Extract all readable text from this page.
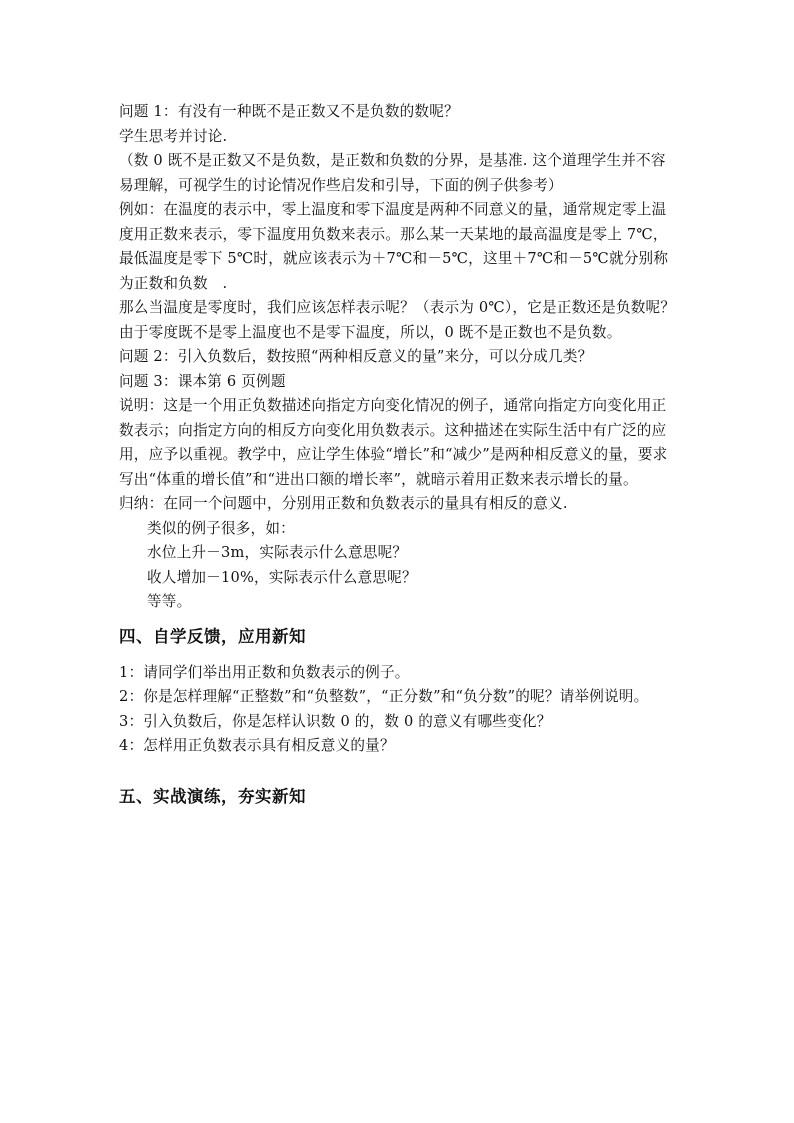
问题 1：有没有一种既不是正数又不是负数的数呢？

学生思考并讨论.

（数 0 既不是正数又不是负数，是正数和负数的分界，是基准. 这个道理学生并不容易理解，可视学生的讨论情况作些启发和引导，下面的例子供参考）

例如：在温度的表示中，零上温度和零下温度是两种不同意义的量，通常规定零上温度用正数来表示，零下温度用负数来表示。那么某一天某地的最高温度是零上 7℃，最低温度是零下 5℃时，就应该表示为＋7℃和－5℃，这里＋7℃和－5℃就分别称为正数和负数　.

那么当温度是零度时，我们应该怎样表示呢？（表示为 0℃），它是正数还是负数呢？由于零度既不是零上温度也不是零下温度，所以，0 既不是正数也不是负数。

问题 2：引入负数后，数按照“两种相反意义的量”来分，可以分成几类？

问题 3：课本第 6 页例题

说明：这是一个用正负数描述向指定方向变化情况的例子，通常向指定方向变化用正数表示；向指定方向的相反方向变化用负数表示。这种描述在实际生活中有广泛的应用，应予以重视。教学中，应让学生体验“增长”和“减少”是两种相反意义的量，要求写出“体重的增长值”和“进出口额的增长率”，就暗示着用正数来表示增长的量。

归纳：在同一个问题中，分别用正数和负数表示的量具有相反的意义.

类似的例子很多，如：

水位上升－3m，实际表示什么意思呢？

收人增加－10%，实际表示什么意思呢？

等等。

四、自学反馈，应用新知

1：请同学们举出用正数和负数表示的例子。

2：你是怎样理解“正整数”和“负整数”，“正分数”和“负分数”的呢？请举例说明。

3：引入负数后，你是怎样认识数 0 的，数 0 的意义有哪些变化？

4：怎样用正负数表示具有相反意义的量？

五、实战演练，夯实新知
